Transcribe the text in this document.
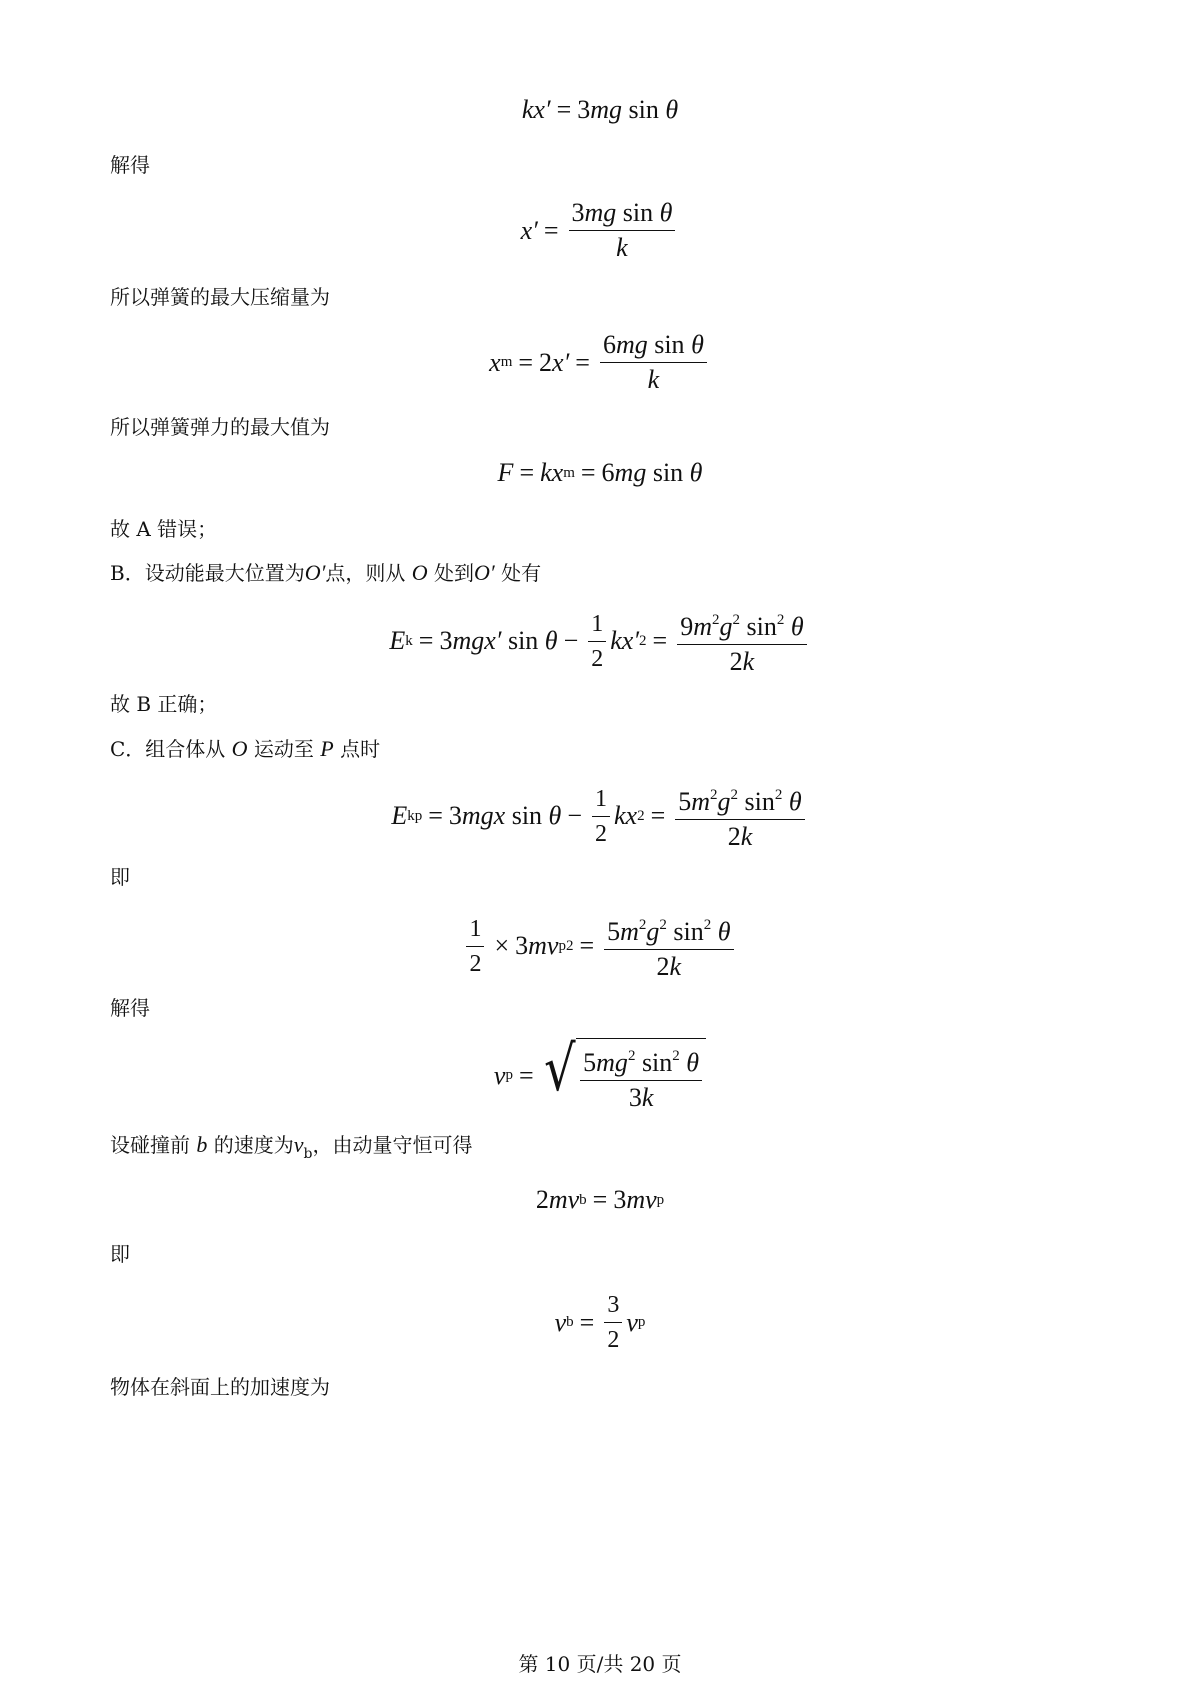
kx′ = 3 mg sin θ
解得
$x' = \frac{\text{3mg sin θ}}{k}$
所以弹簧的最大压缩量为
x m = 2 $x' = \frac{\text{6mg sin θ}}{k}$
所以弹簧弹力的最大值为
F = kx m = 6 mg sin θ
故 A 错误；
B．设动能最大位置为O′点，则从 O 处到O′ 处有
E k = 3 mgx′ $\sin \theta - \frac{1}{2} kx'$ $2 = \frac{9m^2g^2 \sin^2 \theta}{2k}$
故 B 正确；
C．组合体从 O 运动至 P 点时
E kp = 3 mgx $\sin \theta - \frac{1}{2}$ kx $2 = \frac{5m^2g^2 \sin^2 \theta}{2k}$
即
$\frac{1}{2} \times 3$ mv p $2 = \frac{5m^2g^2 \sin^2 \theta}{2k}$
解得
v p = √ $\frac{5mg^2 \sin^2 \theta}{3k}$
设碰撞前 b 的速度为$v_b$，由动量守恒可得
2 mv b = 3 mv p
即
v $b = \frac{3}{2}$ v p
物体在斜面上的加速度为
第 10 页/共 20 页
